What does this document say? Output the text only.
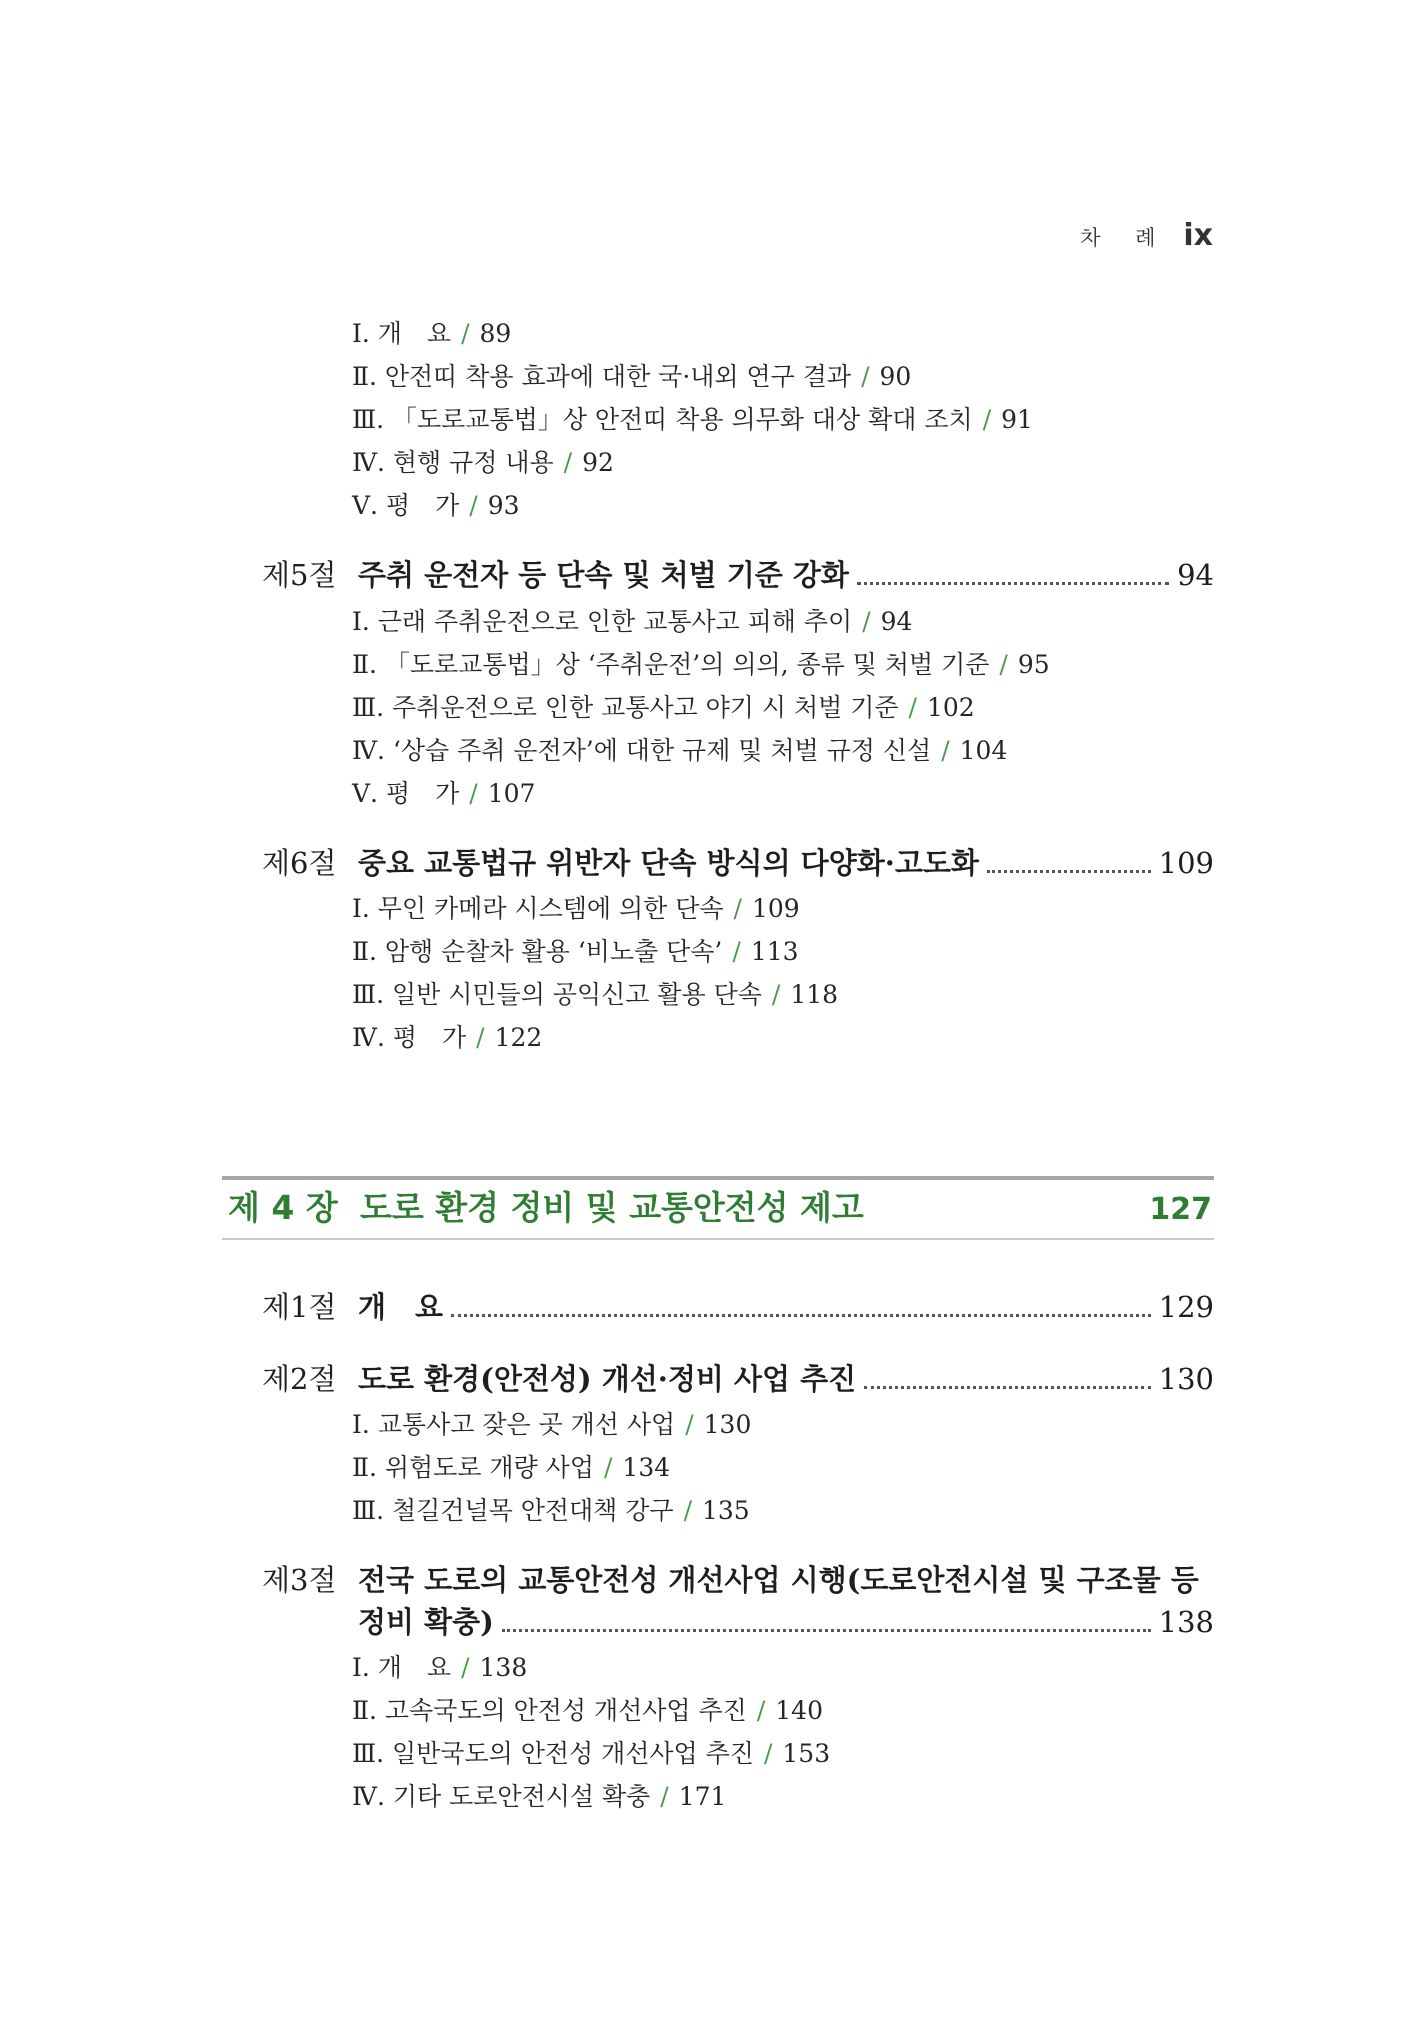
차 례 ix
Ⅰ. 개　요 / 89
Ⅱ. 안전띠 착용 효과에 대한 국·내외 연구 결과 / 90
Ⅲ. 「도로교통법」상 안전띠 착용 의무화 대상 확대 조치 / 91
Ⅳ. 현행 규정 내용 / 92
Ⅴ. 평　가 / 93
제5절 주취 운전자 등 단속 및 처벌 기준 강화	94
Ⅰ. 근래 주취운전으로 인한 교통사고 피해 추이 / 94
Ⅱ. 「도로교통법」상 ‘주취운전’의 의의, 종류 및 처벌 기준 / 95
Ⅲ. 주취운전으로 인한 교통사고 야기 시 처벌 기준 / 102
Ⅳ. ‘상습 주취 운전자’에 대한 규제 및 처벌 규정 신설 / 104
Ⅴ. 평　가 / 107
제6절 중요 교통법규 위반자 단속 방식의 다양화·고도화	109
Ⅰ. 무인 카메라 시스템에 의한 단속 / 109
Ⅱ. 암행 순찰차 활용 ‘비노출 단속’ / 113
Ⅲ. 일반 시민들의 공익신고 활용 단속 / 118
Ⅳ. 평　가 / 122
제 4 장 도로 환경 정비 및 교통안전성 제고	127
제1절 개　요	129
제2절 도로 환경(안전성) 개선·정비 사업 추진	130
Ⅰ. 교통사고 잦은 곳 개선 사업 / 130
Ⅱ. 위험도로 개량 사업 / 134
Ⅲ. 철길건널목 안전대책 강구 / 135
제3절 전국 도로의 교통안전성 개선사업 시행(도로안전시설 및 구조물 등
정비 확충)	138
Ⅰ. 개　요 / 138
Ⅱ. 고속국도의 안전성 개선사업 추진 / 140
Ⅲ. 일반국도의 안전성 개선사업 추진 / 153
Ⅳ. 기타 도로안전시설 확충 / 171
